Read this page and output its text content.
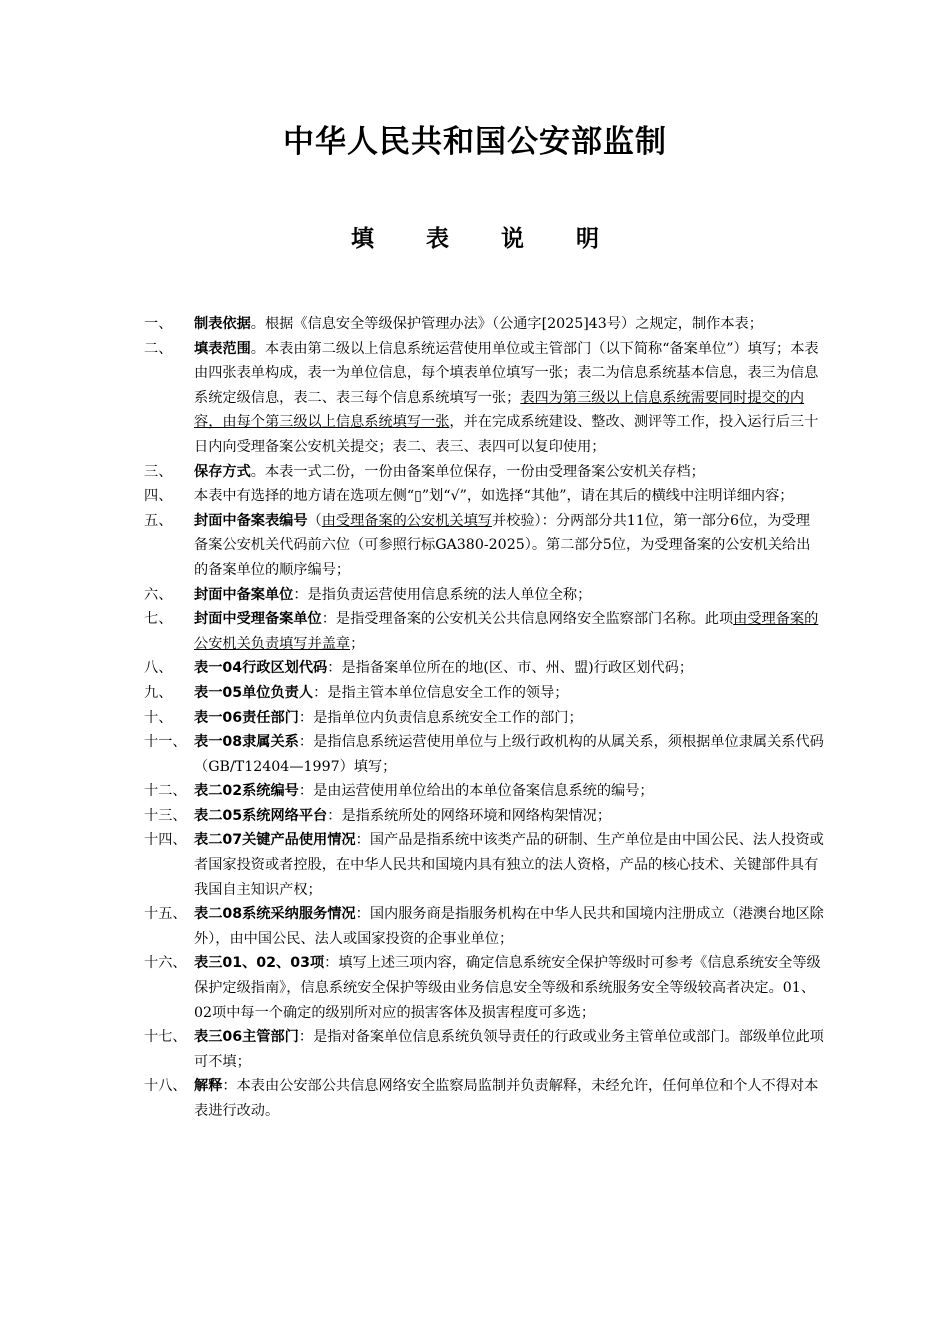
中华人民共和国公安部监制
填 表 说 明
一、 制表依据。根据《信息安全等级保护管理办法》（公通字[2025]43号）之规定，制作本表；
二、 填表范围。本表由第二级以上信息系统运营使用单位或主管部门（以下简称“备案单位”）填写；本表由四张表单构成，表一为单位信息，每个填表单位填写一张；表二为信息系统基本信息，表三为信息系统定级信息，表二、表三每个信息系统填写一张；表四为第三级以上信息系统需要同时提交的内容，由每个第三级以上信息系统填写一张，并在完成系统建设、整改、测评等工作，投入运行后三十日内向受理备案公安机关提交；表二、表三、表四可以复印使用；
三、 保存方式。本表一式二份，一份由备案单位保存，一份由受理备案公安机关存档；
四、 本表中有选择的地方请在选项左侧“▯”划“√”，如选择“其他”，请在其后的横线中注明详细内容；
五、 封面中备案表编号（由受理备案的公安机关填写并校验）：分两部分共11位，第一部分6位，为受理备案公安机关代码前六位（可参照行标GA380-2025）。第二部分5位，为受理备案的公安机关给出的备案单位的顺序编号；
六、 封面中备案单位：是指负责运营使用信息系统的法人单位全称；
七、 封面中受理备案单位：是指受理备案的公安机关公共信息网络安全监察部门名称。此项由受理备案的公安机关负责填写并盖章；
八、 表一04行政区划代码：是指备案单位所在的地(区、市、州、盟)行政区划代码；
九、 表一05单位负责人：是指主管本单位信息安全工作的领导；
十、 表一06责任部门：是指单位内负责信息系统安全工作的部门；
十一、 表一08隶属关系：是指信息系统运营使用单位与上级行政机构的从属关系，须根据单位隶属关系代码（GB/T12404—1997）填写；
十二、 表二02系统编号：是由运营使用单位给出的本单位备案信息系统的编号；
十三、 表二05系统网络平台：是指系统所处的网络环境和网络构架情况；
十四、 表二07关键产品使用情况：国产品是指系统中该类产品的研制、生产单位是由中国公民、法人投资或者国家投资或者控股，在中华人民共和国境内具有独立的法人资格，产品的核心技术、关键部件具有我国自主知识产权；
十五、 表二08系统采纳服务情况：国内服务商是指服务机构在中华人民共和国境内注册成立（港澳台地区除外），由中国公民、法人或国家投资的企事业单位；
十六、 表三01、02、03项：填写上述三项内容，确定信息系统安全保护等级时可参考《信息系统安全等级保护定级指南》，信息系统安全保护等级由业务信息安全等级和系统服务安全等级较高者决定。01、02项中每一个确定的级别所对应的损害客体及损害程度可多选；
十七、 表三06主管部门：是指对备案单位信息系统负领导责任的行政或业务主管单位或部门。部级单位此项可不填；
十八、 解释：本表由公安部公共信息网络安全监察局监制并负责解释，未经允许，任何单位和个人不得对本表进行改动。
